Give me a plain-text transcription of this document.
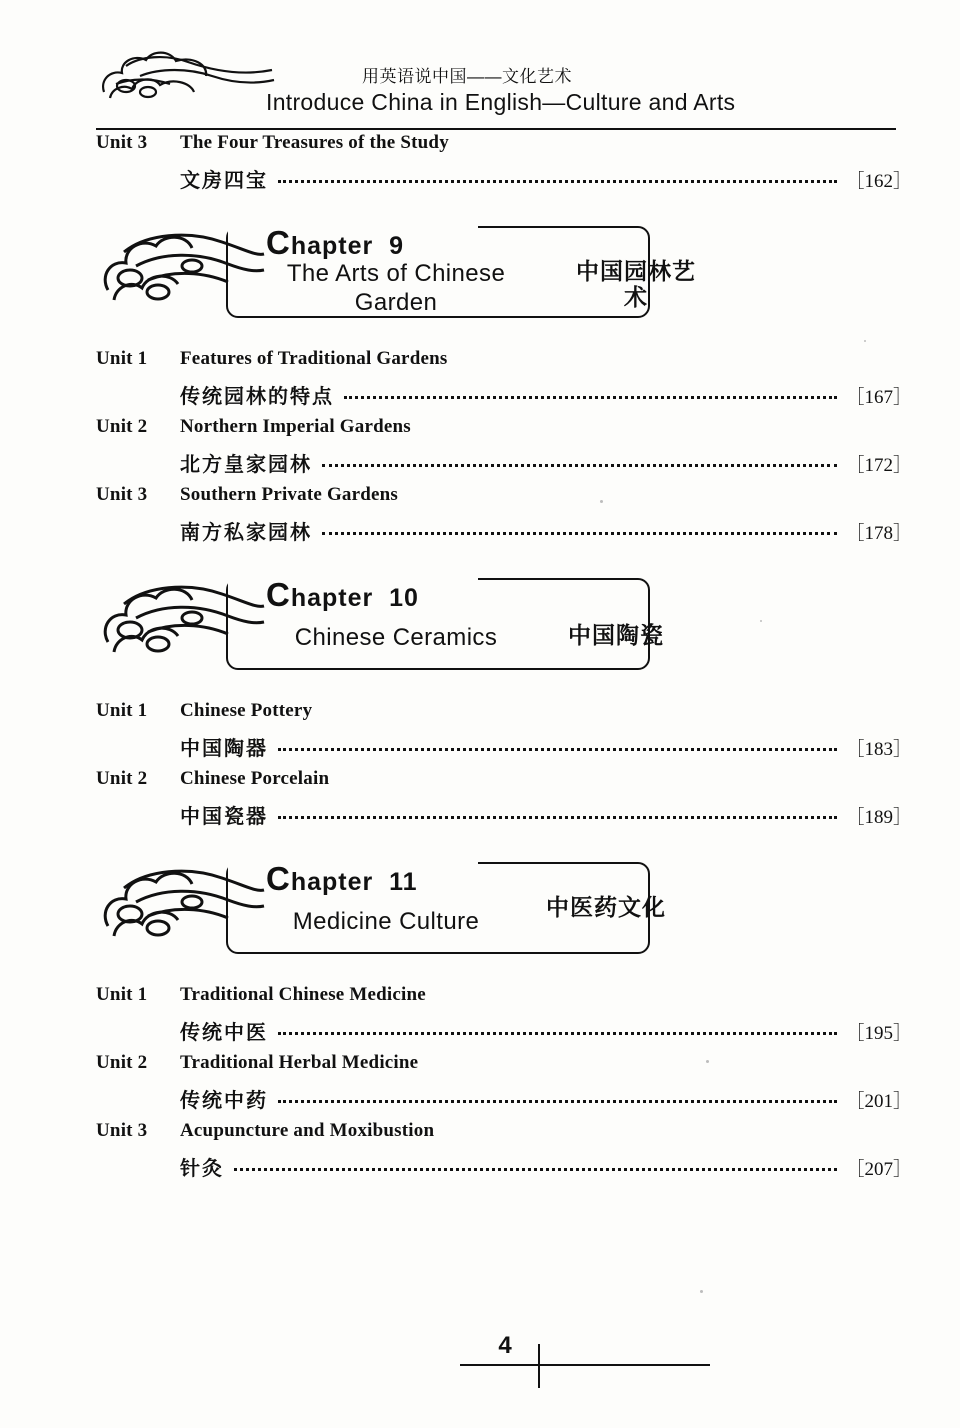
用英语说中国——文化艺术
Introduce China in English—Culture and Arts
Unit 3	The Four Treasures of the Study
文房四宝	［162］
Chapter 9
The Arts of Chinese Garden
中国园林艺术
Unit 1	Features of Traditional Gardens
传统园林的特点	［167］
Unit 2	Northern Imperial Gardens
北方皇家园林	［172］
Unit 3	Southern Private Gardens
南方私家园林	［178］
Chapter 10
Chinese Ceramics	中国陶瓷
Unit 1	Chinese Pottery
中国陶器	［183］
Unit 2	Chinese Porcelain
中国瓷器	［189］
Chapter 11
Medicine Culture	中医药文化
Unit 1	Traditional Chinese Medicine
传统中医	［195］
Unit 2	Traditional Herbal Medicine
传统中药	［201］
Unit 3	Acupuncture and Moxibustion
针灸	［207］
4
